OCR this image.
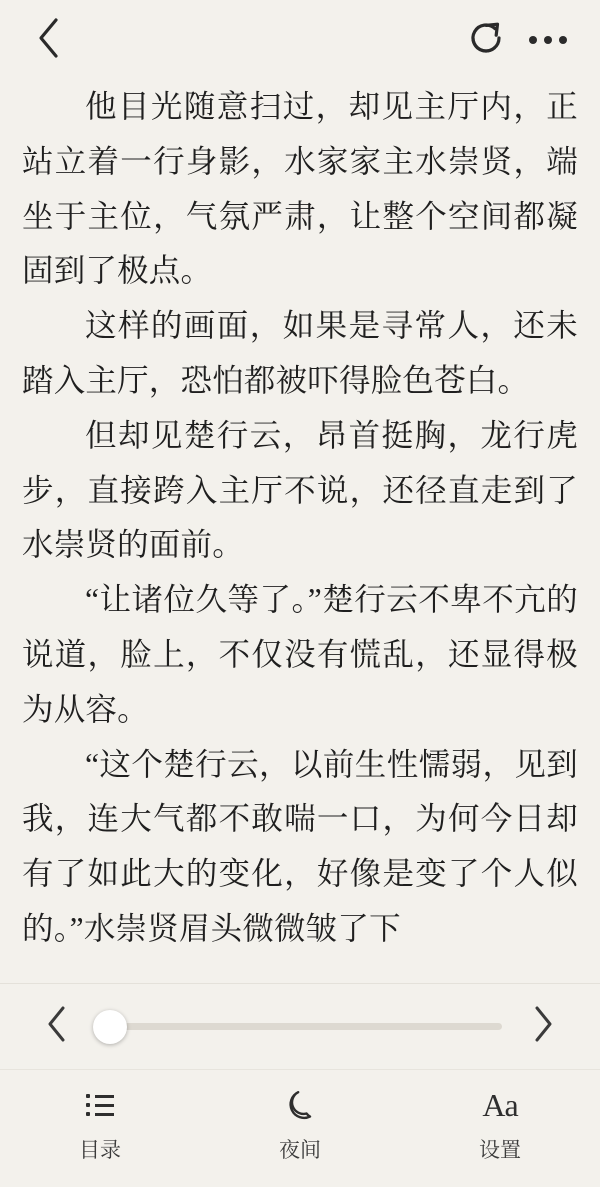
他目光随意扫过，却见主厅内，正站立着一行身影，水家家主水崇贤，端坐于主位，气氛严肃，让整个空间都凝固到了极点。

这样的画面，如果是寻常人，还未踏入主厅，恐怕都被吓得脸色苍白。

但却见楚行云，昂首挺胸，龙行虎步，直接跨入主厅不说，还径直走到了水崇贤的面前。

“让诸位久等了。”楚行云不卑不亢的说道，脸上，不仅没有慌乱，还显得极为从容。

“这个楚行云，以前生性懦弱，见到我，连大气都不敢喘一口，为何今日却有了如此大的变化，好像是变了个人似的。”水崇贤眉头微微皱了下

目录	夜间
Aa
设置
